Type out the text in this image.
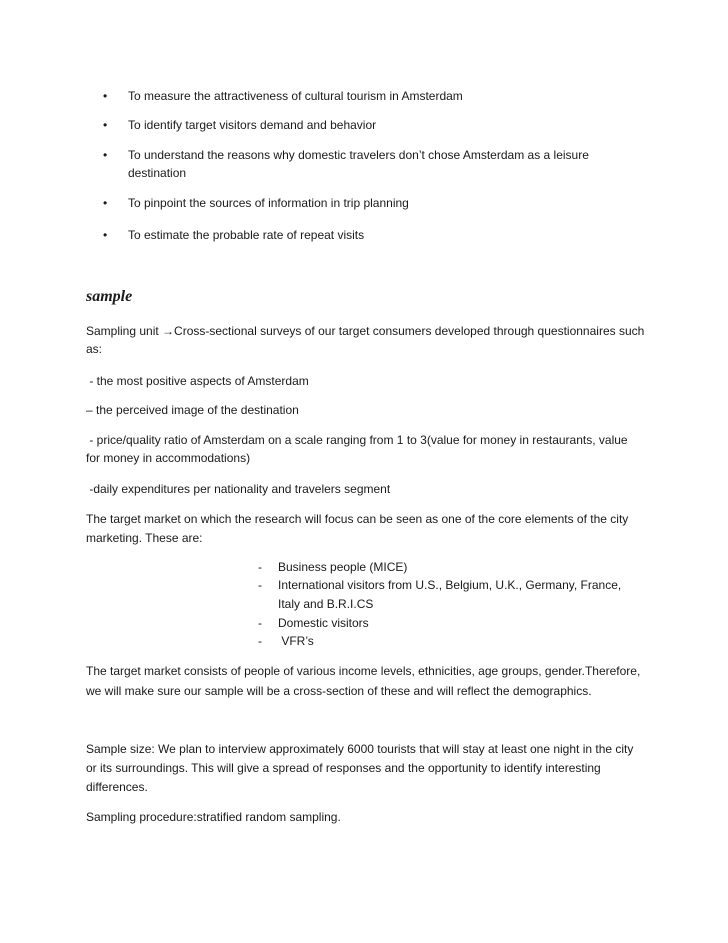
• To measure the attractiveness of cultural tourism in Amsterdam
• To identify target visitors demand and behavior
• To understand the reasons why domestic travelers don’t chose Amsterdam as a leisure
destination
• To pinpoint the sources of information in trip planning
• To estimate the probable rate of repeat visits
sample
Sampling unit →Cross-sectional surveys of our target consumers developed through questionnaires such
as:
- the most positive aspects of Amsterdam
– the perceived image of the destination
- price/quality ratio of Amsterdam on a scale ranging from 1 to 3(value for money in restaurants, value
for money in accommodations)
-daily expenditures per nationality and travelers segment
The target market on which the research will focus can be seen as one of the core elements of the city
marketing. These are:
- Business people (MICE)
- International visitors from U.S., Belgium, U.K., Germany, France,
Italy and B.R.I.CS
- Domestic visitors
- VFR’s
The target market consists of people of various income levels, ethnicities, age groups, gender.Therefore,
we will make sure our sample will be a cross-section of these and will reflect the demographics.
Sample size: We plan to interview approximately 6000 tourists that will stay at least one night in the city
or its surroundings. This will give a spread of responses and the opportunity to identify interesting
differences.
Sampling procedure:stratified random sampling.
